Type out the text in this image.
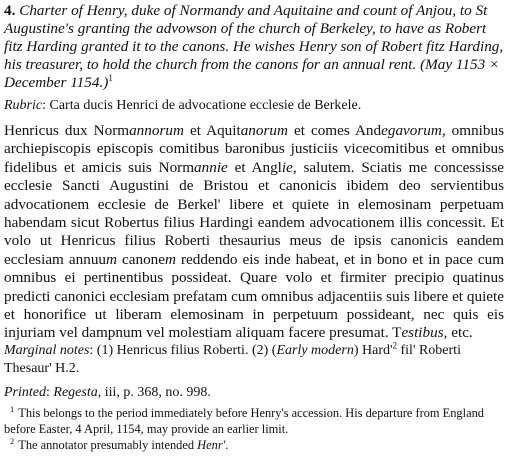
4. Charter of Henry, duke of Normandy and Aquitaine and count of Anjou, to St Augustine's granting the advowson of the church of Berkeley, to have as Robert fitz Harding granted it to the canons. He wishes Henry son of Robert fitz Harding, his treasurer, to hold the church from the canons for an annual rent. (May 1153 × December 1154.)$^1$
Rubric: Carta ducis Henrici de advocatione ecclesie de Berkele.
Henricus dux Normannorum et Aquitanorum et comes Andegavorum, omnibus archiepiscopis episcopis comitibus baronibus justiciis vicecomitibus et omnibus fidelibus et amicis suis Normannie et Anglie, salutem. Sciatis me concessisse ecclesie Sancti Augustini de Bristou et canonicis ibidem deo servientibus advocationem ecclesie de Berkel' libere et quiete in elemosinam perpetuam habendam sicut Robertus filius Hardingi eandem advocationem illis concessit. Et volo ut Henricus filius Roberti thesaurius meus de ipsis canonicis eandem ecclesiam annuum canonem reddendo eis inde habeat, et in bono et in pace cum omnibus ei pertinentibus possideat. Quare volo et firmiter precipio quatinus predicti canonici ecclesiam prefatam cum omnibus adjacentiis suis libere et quiete et honorifice ut liberam elemosinam in perpetuum possideant, nec quis eis injuriam vel dampnum vel molestiam aliquam facere presumat. Testibus, etc.
Marginal notes: (1) Henricus filius Roberti. (2) (Early modern) $Hard'^2$ fil' Roberti Thesaur' H.2.
Printed: Regesta, iii, p. 368, no. 998.
$^1$ This belongs to the period immediately before Henry's accession. His departure from England before Easter, 4 April, 1154, may provide an earlier limit.
$^2$ The annotator presumably intended Henr'.
